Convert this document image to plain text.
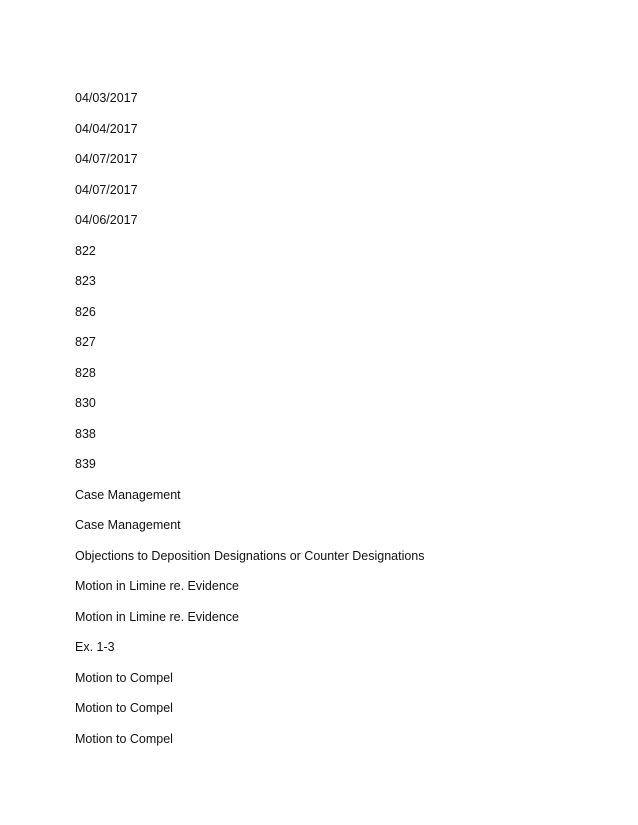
04/03/2017
04/04/2017
04/07/2017
04/07/2017
04/06/2017
822
823
826
827
828
830
838
839
Case Management
Case Management
Objections to Deposition Designations or Counter Designations
Motion in Limine re. Evidence
Motion in Limine re. Evidence
Ex. 1-3
Motion to Compel
Motion to Compel
Motion to Compel
